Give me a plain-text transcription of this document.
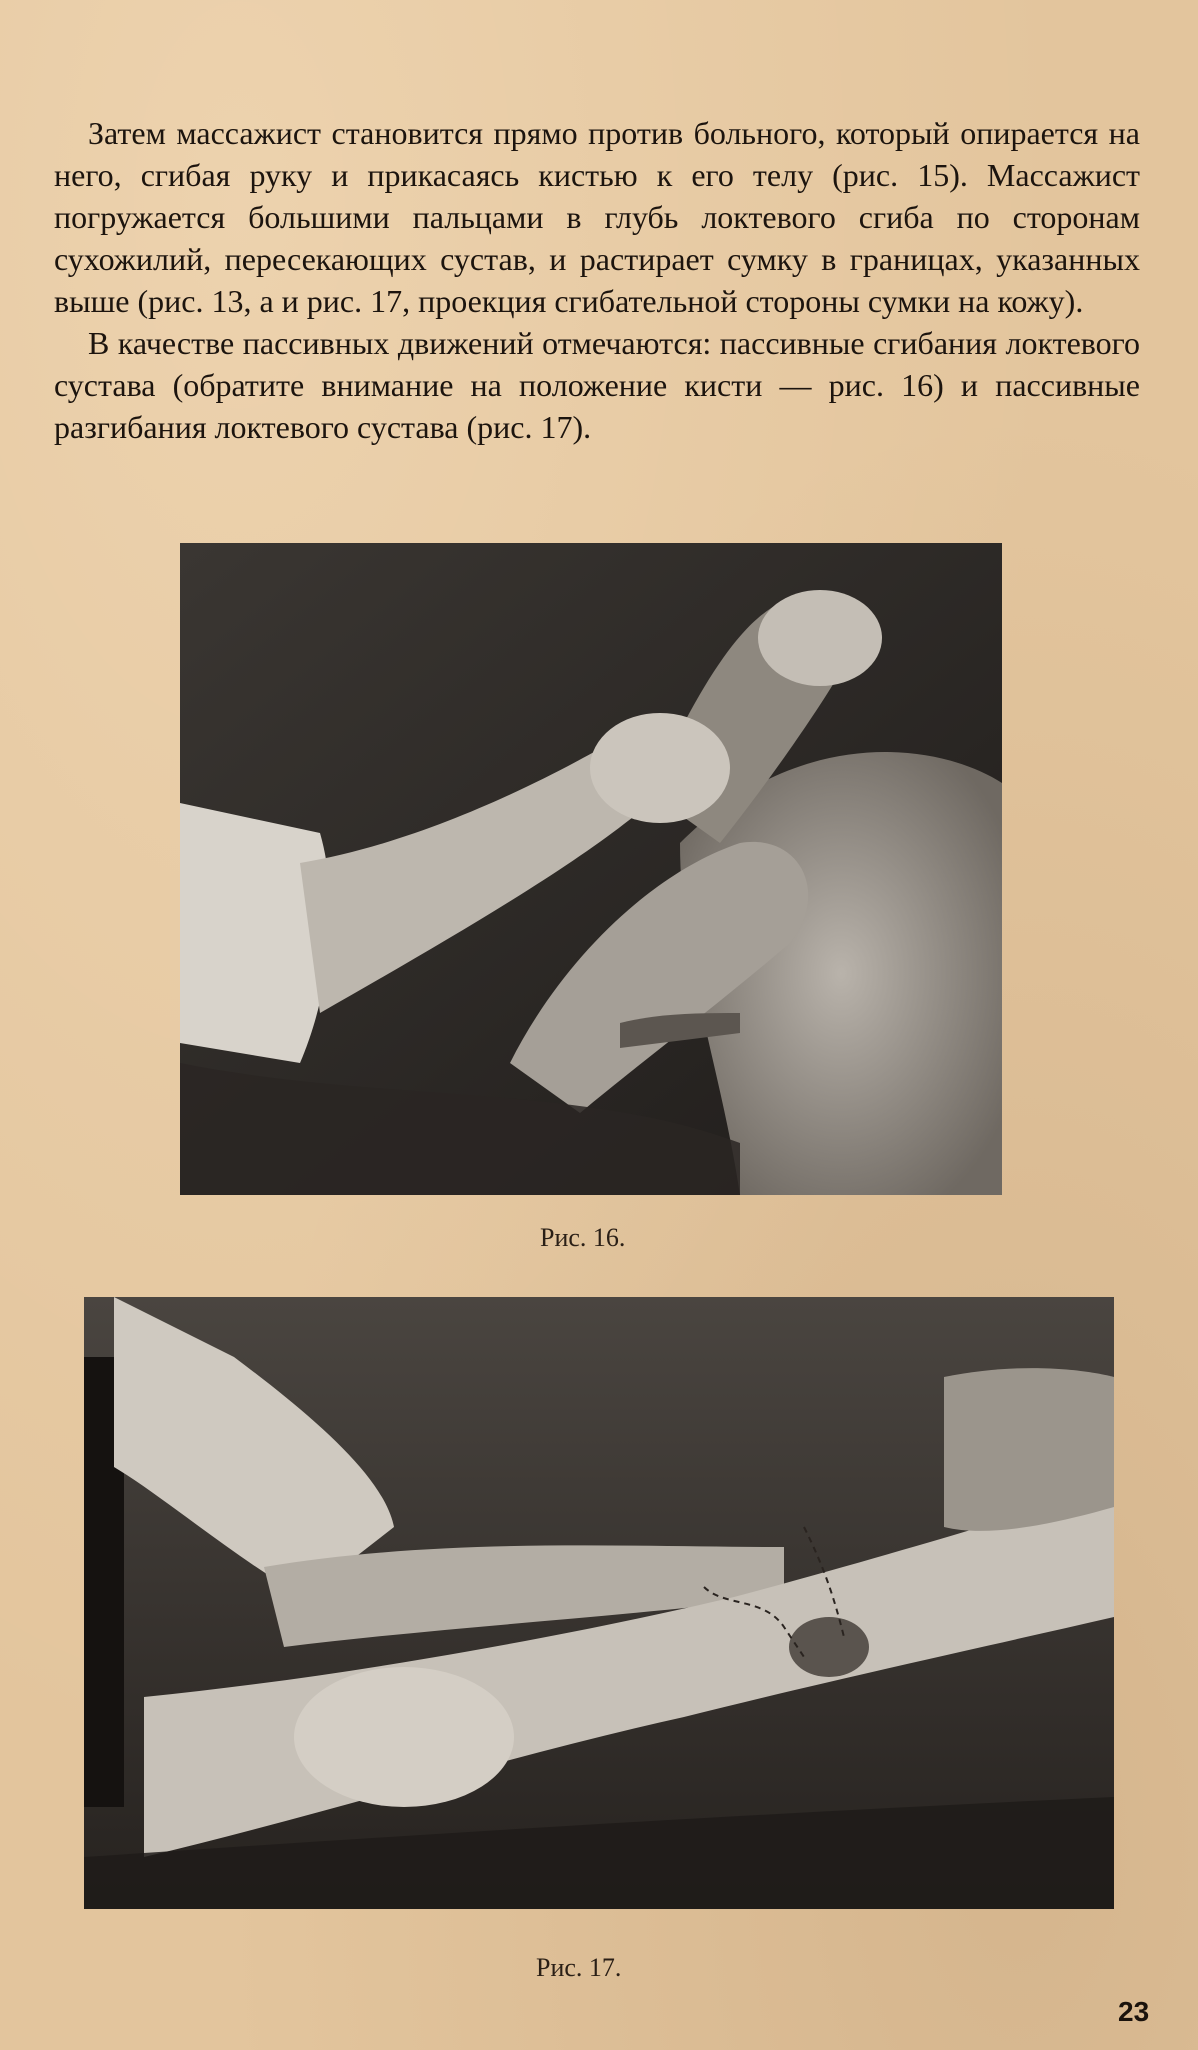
Затем массажист становится прямо против больного, который опирается на него, сгибая руку и прикасаясь кистью к его телу (рис. 15). Массажист погружается большими пальцами в глубь локтевого сгиба по сторонам сухожилий, пересекающих сустав, и растирает сумку в границах, указанных выше (рис. 13, а и рис. 17, проекция сгибательной стороны сумки на кожу).

В качестве пассивных движений отмечаются: пассивные сгибания локтевого сустава (обратите внимание на положение кисти — рис. 16) и пассивные разгибания локтевого сустава (рис. 17).

Рис. 16.
Рис. 17.
23
